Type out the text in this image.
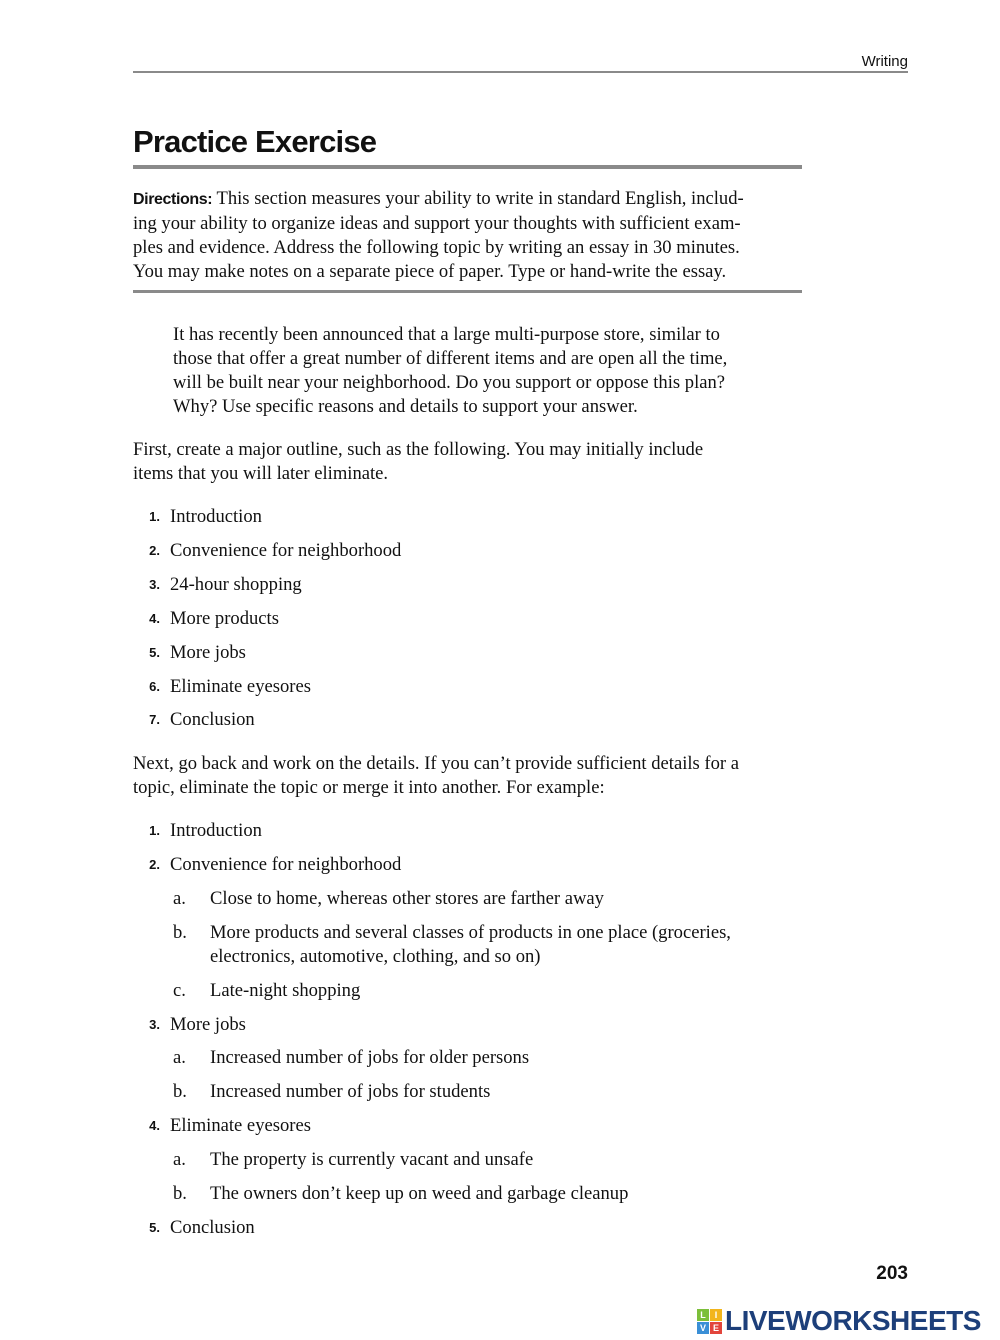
Writing
Practice Exercise
Directions: This section measures your ability to write in standard English, includ-
ing your ability to organize ideas and support your thoughts with sufficient exam-
ples and evidence. Address the following topic by writing an essay in 30 minutes.
You may make notes on a separate piece of paper. Type or hand-write the essay.
It has recently been announced that a large multi-purpose store, similar to
those that offer a great number of different items and are open all the time,
will be built near your neighborhood. Do you support or oppose this plan?
Why? Use specific reasons and details to support your answer.
First, create a major outline, such as the following. You may initially include
items that you will later eliminate.
1. Introduction
2. Convenience for neighborhood
3. 24-hour shopping
4. More products
5. More jobs
6. Eliminate eyesores
7. Conclusion
Next, go back and work on the details. If you can’t provide sufficient details for a
topic, eliminate the topic or merge it into another. For example:
1. Introduction
2. Convenience for neighborhood
a. Close to home, whereas other stores are farther away
b. More products and several classes of products in one place (groceries,
electronics, automotive, clothing, and so on)
c. Late-night shopping
3. More jobs
a. Increased number of jobs for older persons
b. Increased number of jobs for students
4. Eliminate eyesores
a. The property is currently vacant and unsafe
b. The owners don’t keep up on weed and garbage cleanup
5. Conclusion
203
L I
V E LIVEWORKSHEETS
